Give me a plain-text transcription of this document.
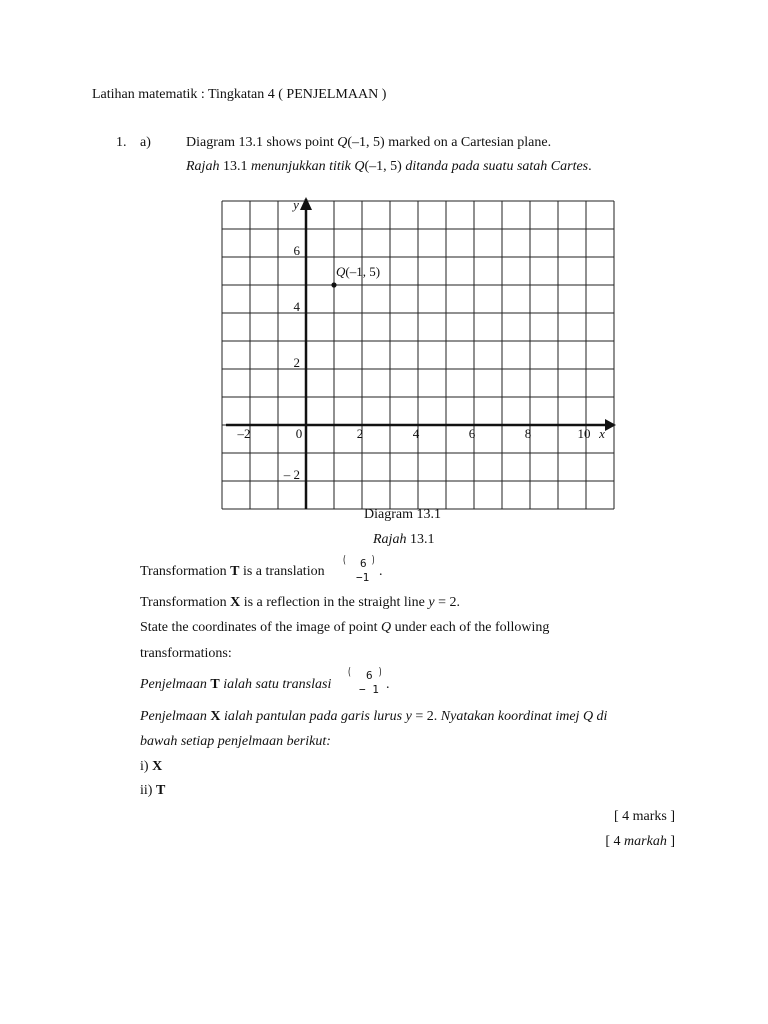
Latihan matematik : Tingkatan 4 ( PENJELMAAN )
1. a)	Diagram 13.1 shows point Q(–1, 5) marked on a Cartesian plane.
Rajah 13.1 menunjukkan titik Q(–1, 5) ditanda pada suatu satah Cartes.
–2	0	2	4	6	8	10
6
4
2
– 2
x
y
Q(–1, 5)
Diagram 13.1
Rajah 13.1
Transformation T is a translation
( 6
−1
)
.
Transformation X is a reflection in the straight line y = 2.
State the coordinates of the image of point Q under each of the following
transformations:
Penjelmaan T ialah satu translasi
( 6
− 1
)
.
Penjelmaan X ialah pantulan pada garis lurus y = 2. Nyatakan koordinat imej Q di
bawah setiap penjelmaan berikut:
i) X
ii) T
[ 4 marks ]
[ 4 markah ]
